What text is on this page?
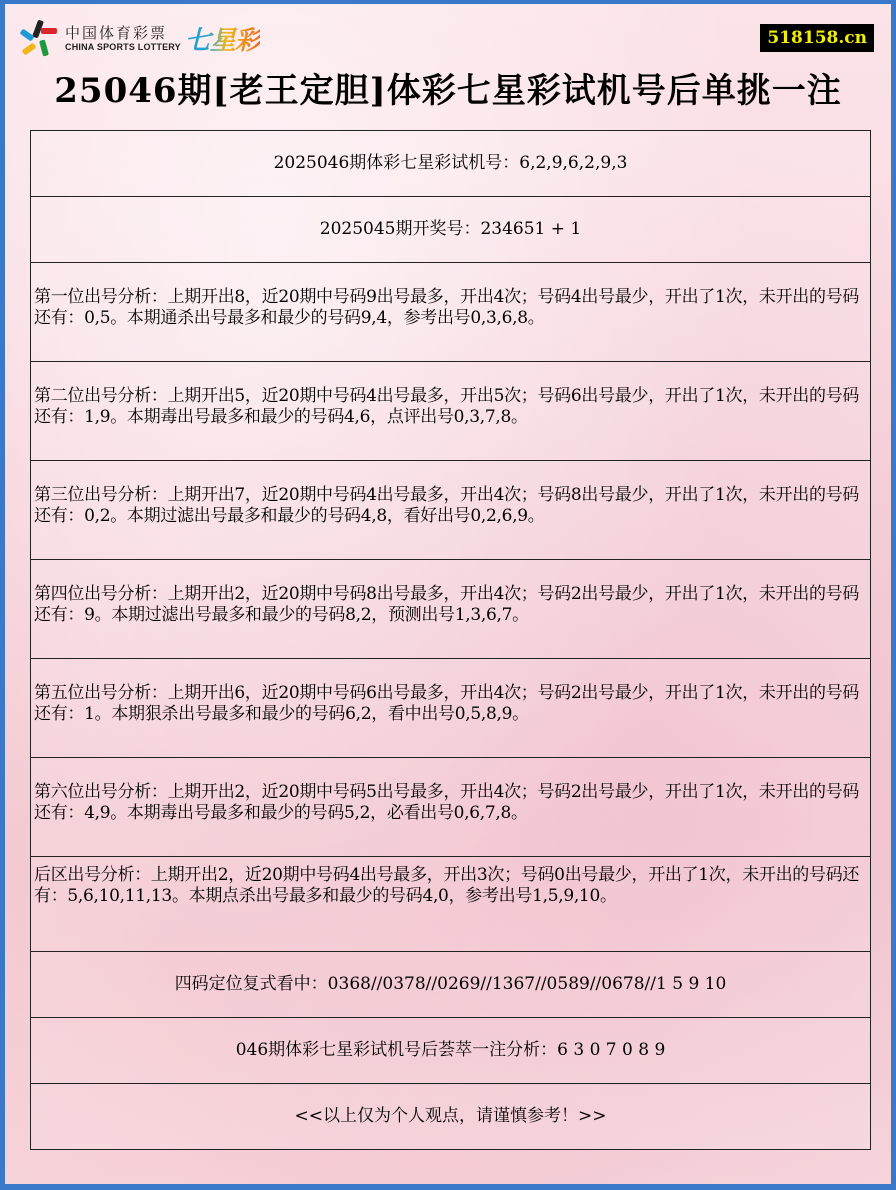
中国体育彩票
CHINA SPORTS LOTTERY 七星彩	518158.cn
25046期[老王定胆]体彩七星彩试机号后单挑一注
2025046期体彩七星彩试机号：6,2,9,6,2,9,3
2025045期开奖号：234651 + 1
第一位出号分析：上期开出8，近20期中号码9出号最多，开出4次；号码4出号最少，开出了1次，未开出的号码还有：0,5。本期通杀出号最多和最少的号码9,4，参考出号0,3,6,8。
第二位出号分析：上期开出5，近20期中号码4出号最多，开出5次；号码6出号最少，开出了1次，未开出的号码还有：1,9。本期毒出号最多和最少的号码4,6，点评出号0,3,7,8。
第三位出号分析：上期开出7，近20期中号码4出号最多，开出4次；号码8出号最少，开出了1次，未开出的号码还有：0,2。本期过滤出号最多和最少的号码4,8，看好出号0,2,6,9。
第四位出号分析：上期开出2，近20期中号码8出号最多，开出4次；号码2出号最少，开出了1次，未开出的号码还有：9。本期过滤出号最多和最少的号码8,2，预测出号1,3,6,7。
第五位出号分析：上期开出6，近20期中号码6出号最多，开出4次；号码2出号最少，开出了1次，未开出的号码还有：1。本期狠杀出号最多和最少的号码6,2，看中出号0,5,8,9。
第六位出号分析：上期开出2，近20期中号码5出号最多，开出4次；号码2出号最少，开出了1次，未开出的号码还有：4,9。本期毒出号最多和最少的号码5,2，必看出号0,6,7,8。
后区出号分析：上期开出2，近20期中号码4出号最多，开出3次；号码0出号最少，开出了1次，未开出的号码还有：5,6,10,11,13。本期点杀出号最多和最少的号码4,0，参考出号1,5,9,10。
四码定位复式看中：0368//0378//0269//1367//0589//0678//1 5 9 10
046期体彩七星彩试机号后荟萃一注分析：6 3 0 7 0 8 9
<<以上仅为个人观点，请谨慎参考！>>
